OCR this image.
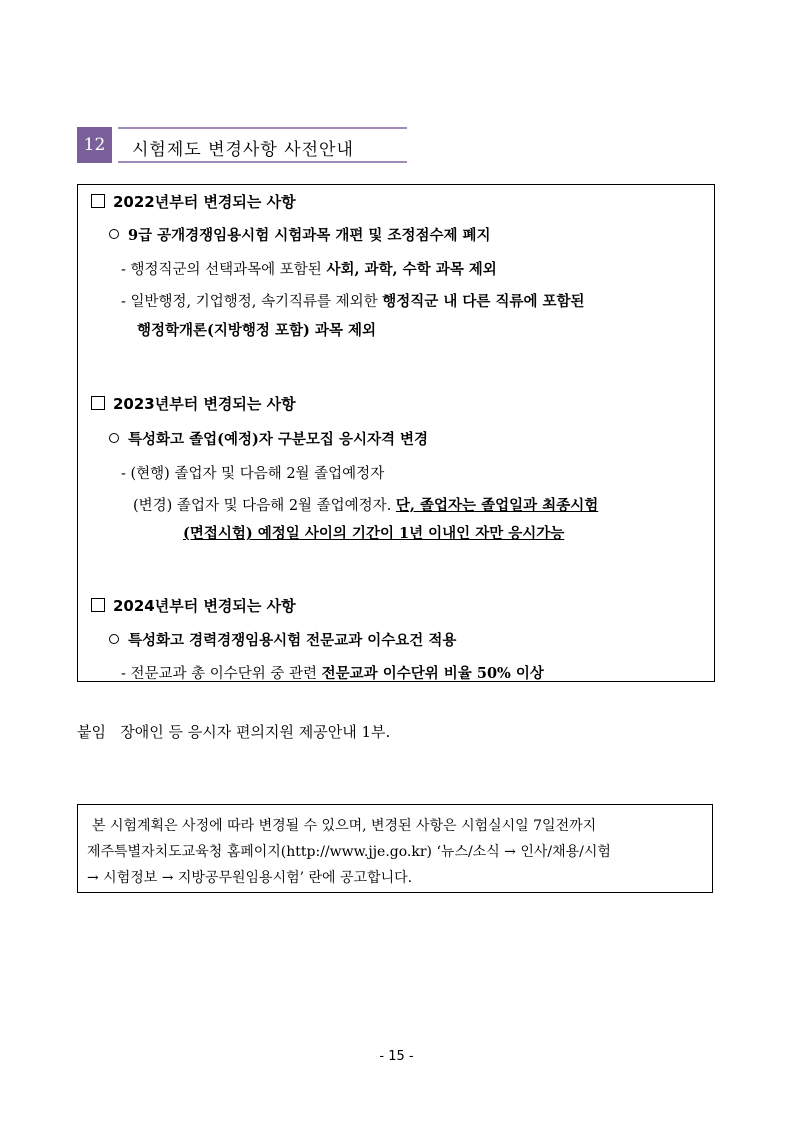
12	시험제도 변경사항 사전안내
2022년부터 변경되는 사항
9급 공개경쟁임용시험 시험과목 개편 및 조정점수제 폐지
- 행정직군의 선택과목에 포함된 사회, 과학, 수학 과목 제외
- 일반행정, 기업행정, 속기직류를 제외한 행정직군 내 다른 직류에 포함된
행정학개론(지방행정 포함) 과목 제외
2023년부터 변경되는 사항
특성화고 졸업(예정)자 구분모집 응시자격 변경
- (현행) 졸업자 및 다음해 2월 졸업예정자
(변경) 졸업자 및 다음해 2월 졸업예정자. 단, 졸업자는 졸업일과 최종시험
(면접시험) 예정일 사이의 기간이 1년 이내인 자만 응시가능
2024년부터 변경되는 사항
특성화고 경력경쟁임용시험 전문교과 이수요건 적용
- 전문교과 총 이수단위 중 관련 전문교과 이수단위 비율 50% 이상
붙임 장애인 등 응시자 편의지원 제공안내 1부.
본 시험계획은 사정에 따라 변경될 수 있으며, 변경된 사항은 시험실시일 7일전까지
제주특별자치도교육청 홈페이지(http://www.jje.go.kr) ‘뉴스/소식 → 인사/채용/시험
→ 시험정보 → 지방공무원임용시험’ 란에 공고합니다.
- 15 -
